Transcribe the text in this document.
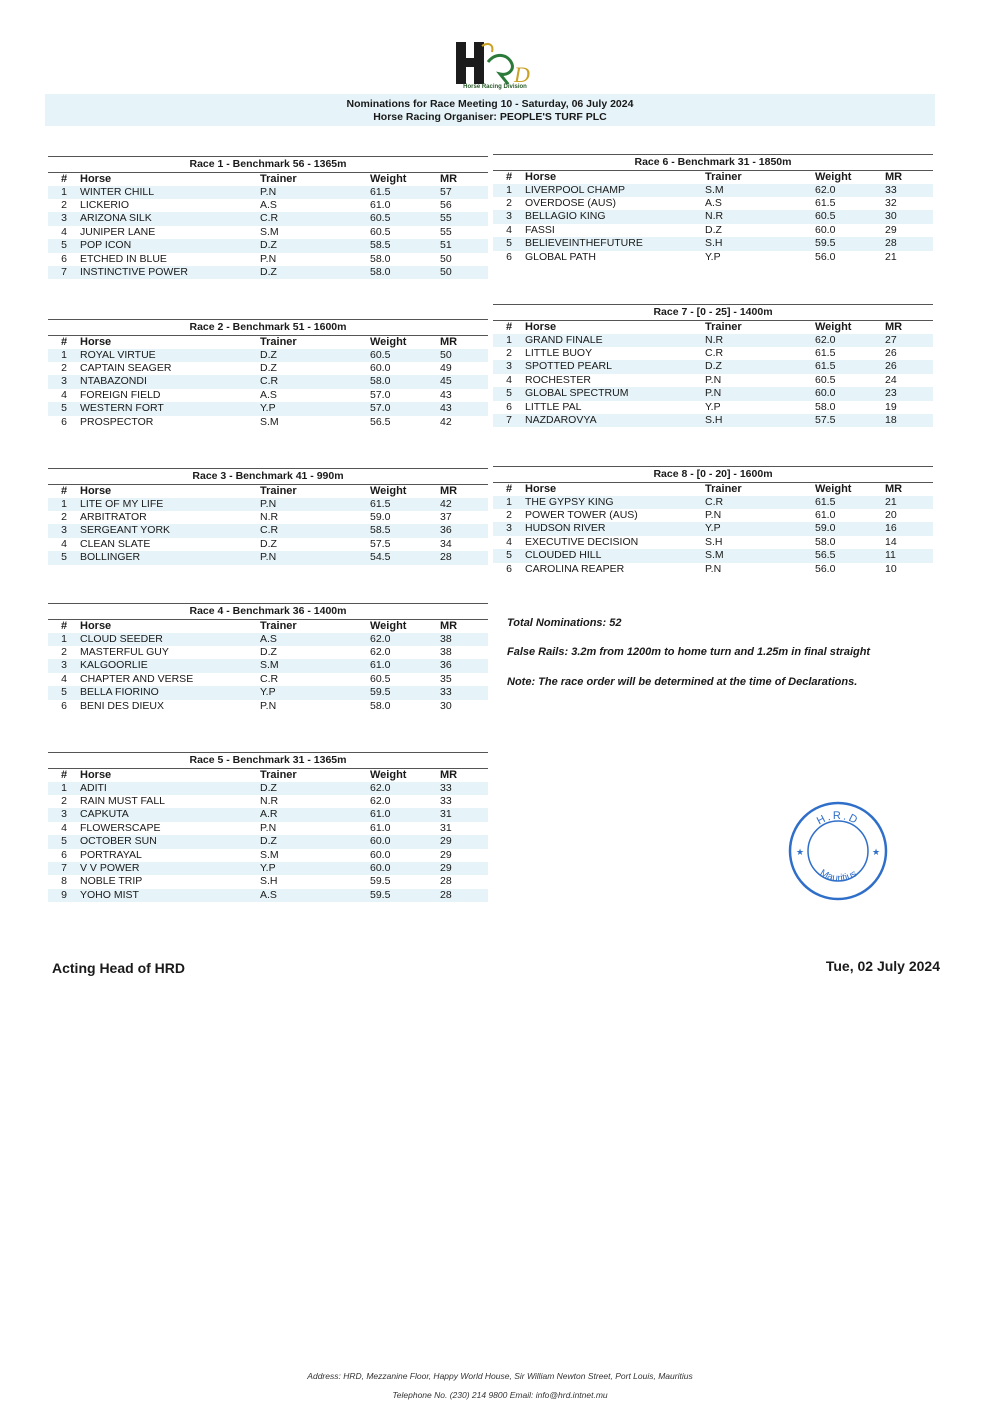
D
Horse Racing Division
Nominations for Race Meeting 10 - Saturday, 06 July 2024
Horse Racing Organiser: PEOPLE'S TURF PLC
Race 1 - Benchmark 56 - 1365m
#	Horse	Trainer	Weight	MR
1	WINTER CHILL	P.N	61.5	57
2	LICKERIO	A.S	61.0	56
3	ARIZONA SILK	C.R	60.5	55
4	JUNIPER LANE	S.M	60.5	55
5	POP ICON	D.Z	58.5	51
6	ETCHED IN BLUE	P.N	58.0	50
7	INSTINCTIVE POWER	D.Z	58.0	50
Race 2 - Benchmark 51 - 1600m
#	Horse	Trainer	Weight	MR
1	ROYAL VIRTUE	D.Z	60.5	50
2	CAPTAIN SEAGER	D.Z	60.0	49
3	NTABAZONDI	C.R	58.0	45
4	FOREIGN FIELD	A.S	57.0	43
5	WESTERN FORT	Y.P	57.0	43
6	PROSPECTOR	S.M	56.5	42
Race 3 - Benchmark 41 - 990m
#	Horse	Trainer	Weight	MR
1	LITE OF MY LIFE	P.N	61.5	42
2	ARBITRATOR	N.R	59.0	37
3	SERGEANT YORK	C.R	58.5	36
4	CLEAN SLATE	D.Z	57.5	34
5	BOLLINGER	P.N	54.5	28
Race 4 - Benchmark 36 - 1400m
#	Horse	Trainer	Weight	MR
1	CLOUD SEEDER	A.S	62.0	38
2	MASTERFUL GUY	D.Z	62.0	38
3	KALGOORLIE	S.M	61.0	36
4	CHAPTER AND VERSE	C.R	60.5	35
5	BELLA FIORINO	Y.P	59.5	33
6	BENI DES DIEUX	P.N	58.0	30
Race 5 - Benchmark 31 - 1365m
#	Horse	Trainer	Weight	MR
1	ADITI	D.Z	62.0	33
2	RAIN MUST FALL	N.R	62.0	33
3	CAPKUTA	A.R	61.0	31
4	FLOWERSCAPE	P.N	61.0	31
5	OCTOBER SUN	D.Z	60.0	29
6	PORTRAYAL	S.M	60.0	29
7	V V POWER	Y.P	60.0	29
8	NOBLE TRIP	S.H	59.5	28
9	YOHO MIST	A.S	59.5	28
Race 6 - Benchmark 31 - 1850m
#	Horse	Trainer	Weight	MR
1	LIVERPOOL CHAMP	S.M	62.0	33
2	OVERDOSE (AUS)	A.S	61.5	32
3	BELLAGIO KING	N.R	60.5	30
4	FASSI	D.Z	60.0	29
5	BELIEVEINTHEFUTURE	S.H	59.5	28
6	GLOBAL PATH	Y.P	56.0	21
Race 7 - [0 - 25] - 1400m
#	Horse	Trainer	Weight	MR
1	GRAND FINALE	N.R	62.0	27
2	LITTLE BUOY	C.R	61.5	26
3	SPOTTED PEARL	D.Z	61.5	26
4	ROCHESTER	P.N	60.5	24
5	GLOBAL SPECTRUM	P.N	60.0	23
6	LITTLE PAL	Y.P	58.0	19
7	NAZDAROVYA	S.H	57.5	18
Race 8 - [0 - 20] - 1600m
#	Horse	Trainer	Weight	MR
1	THE GYPSY KING	C.R	61.5	21
2	POWER TOWER (AUS)	P.N	61.0	20
3	HUDSON RIVER	Y.P	59.0	16
4	EXECUTIVE DECISION	S.H	58.0	14
5	CLOUDED HILL	S.M	56.5	11
6	CAROLINA REAPER	P.N	56.0	10
Total Nominations: 52
False Rails: 3.2m from 1200m to home turn and 1.25m in final straight
Note: The race order will be determined at the time of Declarations.
H.R.D
Mauritius
★	★
Acting Head of HRD	Tue, 02 July 2024
Address: HRD, Mezzanine Floor, Happy World House, Sir William Newton Street, Port Louis, Mauritius
Telephone No. (230) 214 9800 Email: info@hrd.intnet.mu
